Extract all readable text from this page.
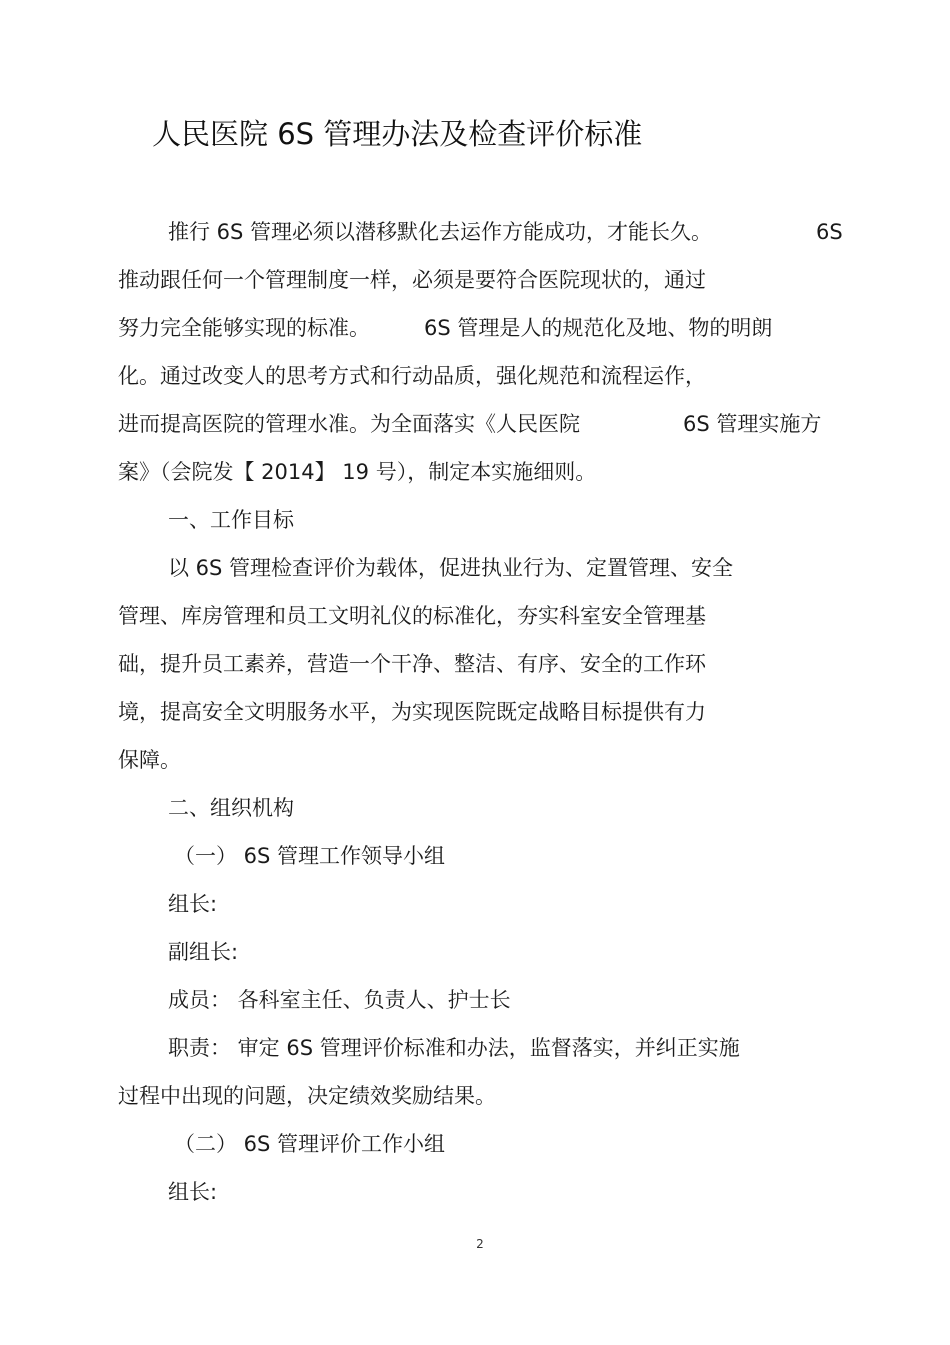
人民医院 6S 管理办法及检查评价标准
推行 6S 管理必须以潜移默化去运作方能成功，才能长久。	6S
推动跟任何一个管理制度一样，必须是要符合医院现状的，通过
努力完全能够实现的标准。	6S 管理是人的规范化及地、物的明朗
化。通过改变人的思考方式和行动品质，强化规范和流程运作，
进而提高医院的管理水准。为全面落实《人民医院	6S 管理实施方
案》（会院发【 2014】 19 号），制定本实施细则。
一、工作目标
以 6S 管理检查评价为载体，促进执业行为、定置管理、安全
管理、库房管理和员工文明礼仪的标准化，夯实科室安全管理基
础，提升员工素养，营造一个干净、整洁、有序、安全的工作环
境，提高安全文明服务水平，为实现医院既定战略目标提供有力
保障。
二、组织机构
（一） 6S 管理工作领导小组
组长:
副组长:
成员： 各科室主任、负责人、护士长
职责： 审定 6S 管理评价标准和办法，监督落实，并纠正实施
过程中出现的问题，决定绩效奖励结果。
（二） 6S 管理评价工作小组
组长:
2
